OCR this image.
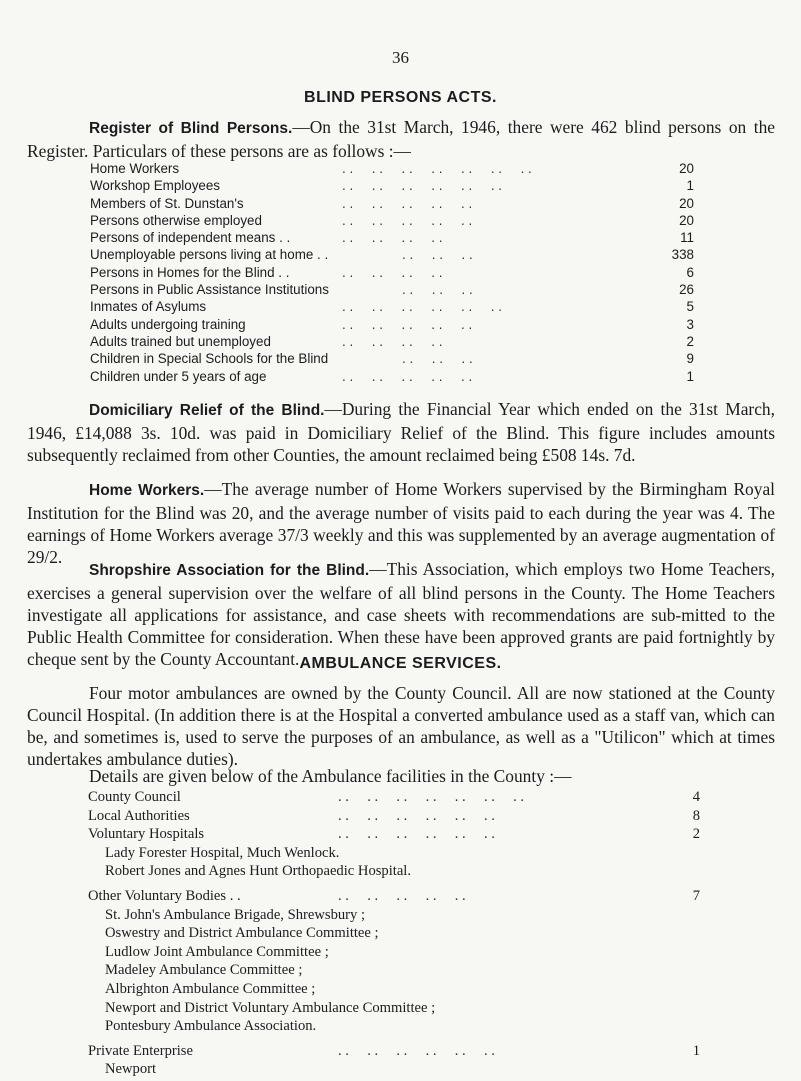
36
BLIND PERSONS ACTS.
Register of Blind Persons.—On the 31st March, 1946, there were 462 blind persons on the Register. Particulars of these persons are as follows :—
Home Workers	. .     . .     . .     . .     . .     . .     . .	20
Workshop Employees	. .     . .     . .     . .     . .     . .	1
Members of St. Dunstan's	. .     . .     . .     . .     . .	20
Persons otherwise employed	. .     . .     . .     . .     . .	20
Persons of independent means . .	. .     . .     . .     . .	11
Unemployable persons living at home . .	. .     . .     . .	338
Persons in Homes for the Blind . .	. .     . .     . .     . .	6
Persons in Public Assistance Institutions	. .     . .     . .	26
Inmates of Asylums	. .     . .     . .     . .     . .     . .	5
Adults undergoing training	. .     . .     . .     . .     . .	3
Adults trained but unemployed	. .     . .     . .     . .	2
Children in Special Schools for the Blind	. .     . .     . .	9
Children under 5 years of age	. .     . .     . .     . .     . .	1
Domiciliary Relief of the Blind.—During the Financial Year which ended on the 31st March, 1946, £14,088 3s. 10d. was paid in Domiciliary Relief of the Blind. This figure includes amounts subsequently reclaimed from other Counties, the amount reclaimed being £508 14s. 7d.
Home Workers.—The average number of Home Workers supervised by the Birmingham Royal Institution for the Blind was 20, and the average number of visits paid to each during the year was 4. The earnings of Home Workers average 37/3 weekly and this was supplemented by an average augmentation of 29/2.
Shropshire Association for the Blind.—This Association, which employs two Home Teachers, exercises a general supervision over the welfare of all blind persons in the County. The Home Teachers investigate all applications for assistance, and case sheets with recommendations are sub-mitted to the Public Health Committee for consideration. When these have been approved grants are paid fortnightly by cheque sent by the County Accountant. AMBULANCE SERVICES.
Four motor ambulances are owned by the County Council. All are now stationed at the County Council Hospital. (In addition there is at the Hospital a converted ambulance used as a staff van, which can be, and sometimes is, used to serve the purposes of an ambulance, as well as a "Utilicon" which at times undertakes ambulance duties).
Details are given below of the Ambulance facilities in the County :—
County Council	. .     . .     . .     . .     . .     . .     . .	4
Local Authorities	. .     . .     . .     . .     . .     . .	8
Voluntary Hospitals	. .     . .     . .     . .     . .     . .	2
Lady Forester Hospital, Much Wenlock.
Robert Jones and Agnes Hunt Orthopaedic Hospital.
Other Voluntary Bodies . .	. .     . .     . .     . .     . .	7
St. John's Ambulance Brigade, Shrewsbury ;
Oswestry and District Ambulance Committee ;
Ludlow Joint Ambulance Committee ;
Madeley Ambulance Committee ;
Albrighton Ambulance Committee ;
Newport and District Voluntary Ambulance Committee ;
Pontesbury Ambulance Association.
Private Enterprise	. .     . .     . .     . .     . .     . .	1
Newport
